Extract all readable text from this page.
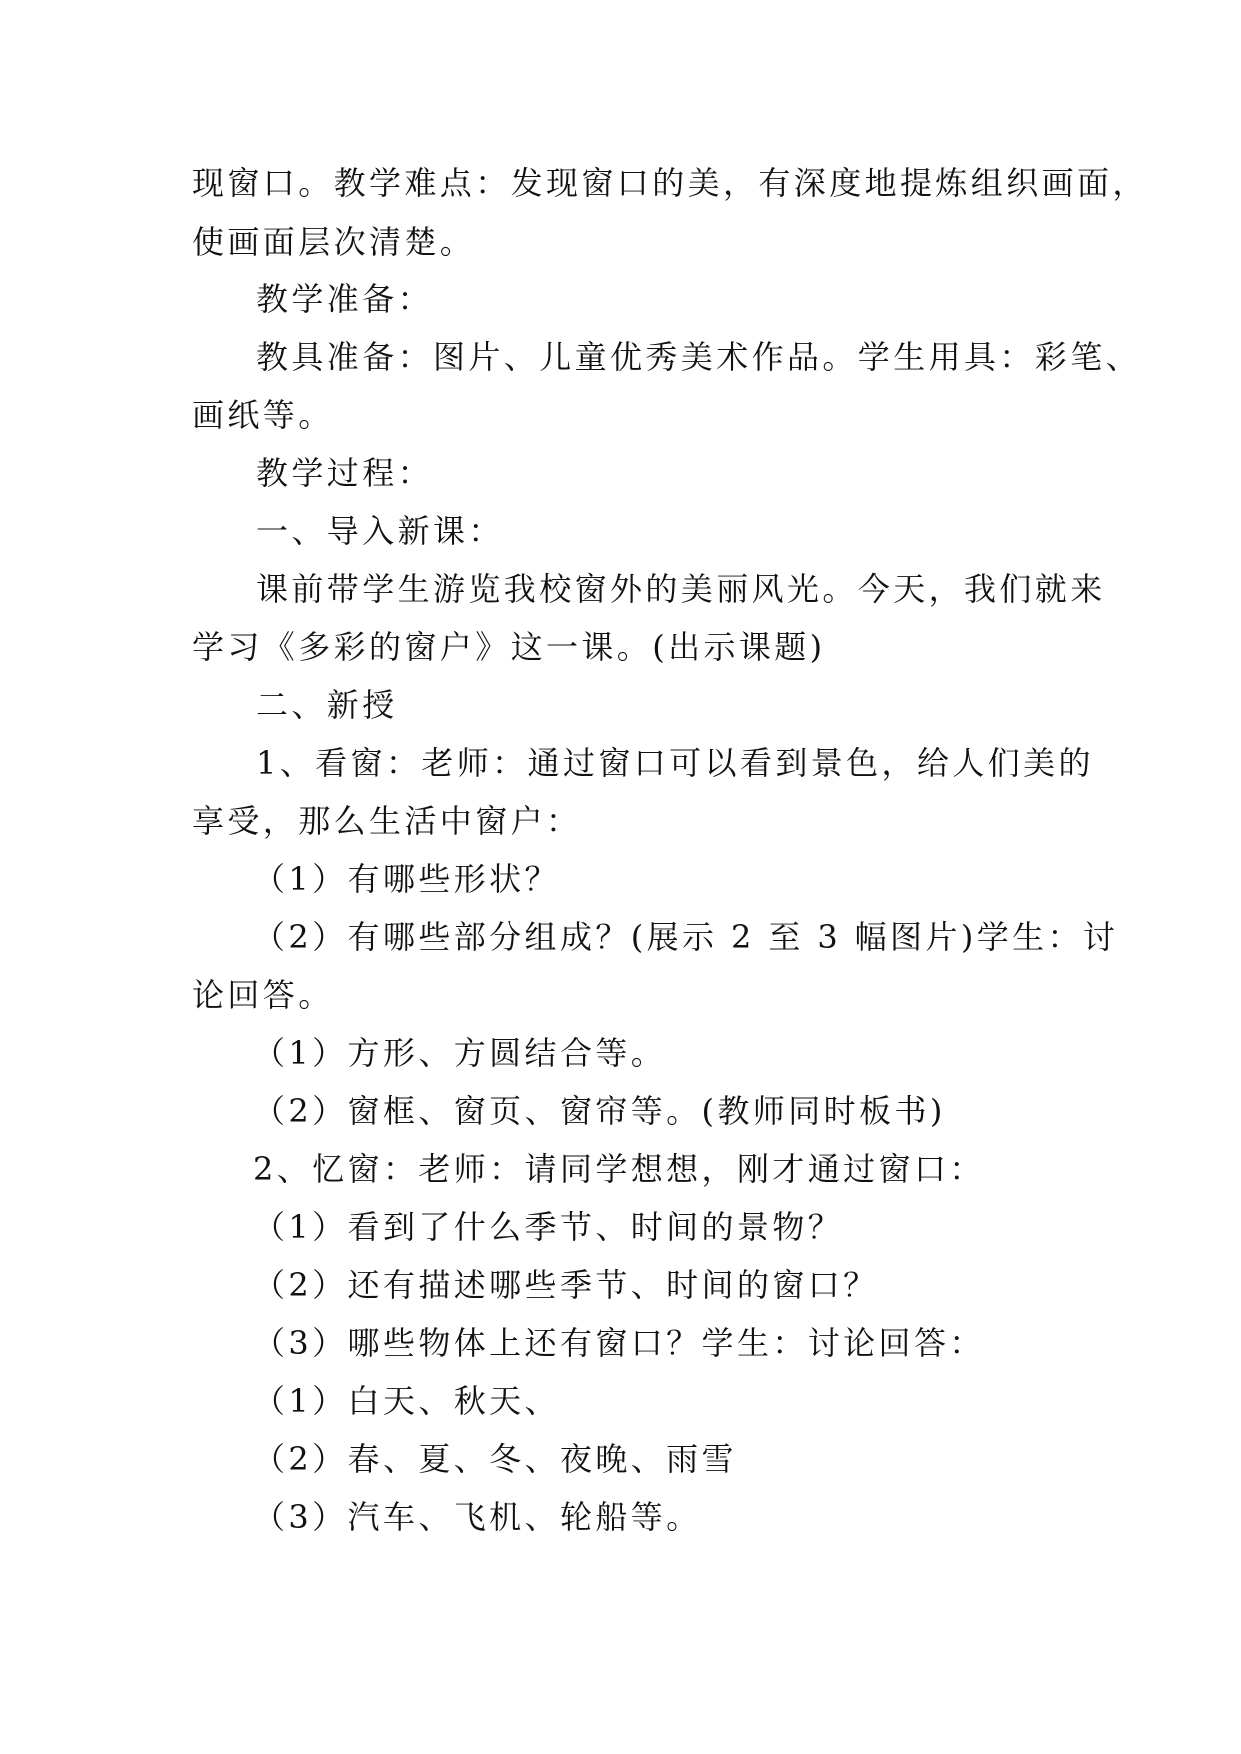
现窗口。教学难点：发现窗口的美，有深度地提炼组织画面，
使画面层次清楚。
教学准备：
教具准备：图片、儿童优秀美术作品。学生用具：彩笔、
画纸等。
教学过程：
一、导入新课：
课前带学生游览我校窗外的美丽风光。今天，我们就来
学习《多彩的窗户》这一课。(出示课题)
二、新授
1、看窗：老师：通过窗口可以看到景色，给人们美的
享受，那么生活中窗户：
（1）有哪些形状？
（2）有哪些部分组成？(展示 2 至 3 幅图片)学生：讨
论回答。
（1）方形、方圆结合等。
（2）窗框、窗页、窗帘等。(教师同时板书)
2、忆窗：老师：请同学想想，刚才通过窗口：
（1）看到了什么季节、时间的景物？
（2）还有描述哪些季节、时间的窗口？
（3）哪些物体上还有窗口？学生：讨论回答：
（1）白天、秋天、
（2）春、夏、冬、夜晚、雨雪
（3）汽车、飞机、轮船等。
